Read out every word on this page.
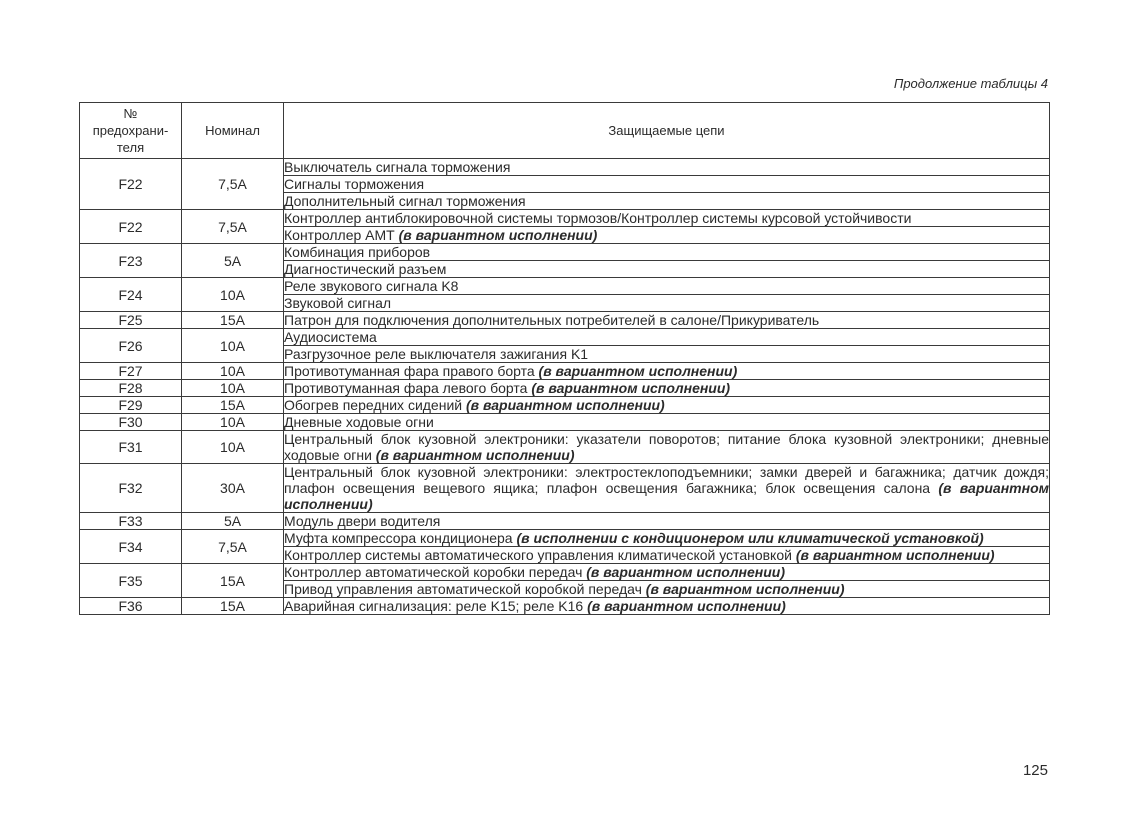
Продолжение таблицы 4
№
предохрани-
теля	Номинал	Защищаемые цепи
F22	7,5А	Выключатель сигнала торможения
		Сигналы торможения
		Дополнительный сигнал торможения
F22	7,5А	Контроллер антиблокировочной системы тормозов/Контроллер системы курсовой устойчивости
		Контроллер АМТ (в вариантном исполнении)
F23	5А	Комбинация приборов
		Диагностический разъем
F24	10А	Реле звукового сигнала K8
		Звуковой сигнал
F25	15А	Патрон для подключения дополнительных потребителей в салоне/Прикуриватель
F26	10А	Аудиосистема
		Разгрузочное реле выключателя зажигания K1
F27	10А	Противотуманная фара правого борта (в вариантном исполнении)
F28	10А	Противотуманная фара левого борта (в вариантном исполнении)
F29	15А	Обогрев передних сидений (в вариантном исполнении)
F30	10А	Дневные ходовые огни
F31	10А	Центральный блок кузовной электроники: указатели поворотов; питание блока кузовной электроники; дневные ходовые огни (в вариантном исполнении)
F32	30А	Центральный блок кузовной электроники: электростеклоподъемники; замки дверей и багажника; датчик дождя; плафон освещения вещевого ящика; плафон освещения багажника; блок освещения салона (в вариантном исполнении)
F33	5А	Модуль двери водителя
F34	7,5А	Муфта компрессора кондиционера (в исполнении с кондиционером или климатической установкой)
		Контроллер системы автоматического управления климатической установкой (в вариантном исполнении)
F35	15А	Контроллер автоматической коробки передач (в вариантном исполнении)
		Привод управления автоматической коробкой передач (в вариантном исполнении)
F36	15А	Аварийная сигнализация: реле K15; реле K16 (в вариантном исполнении)
125
